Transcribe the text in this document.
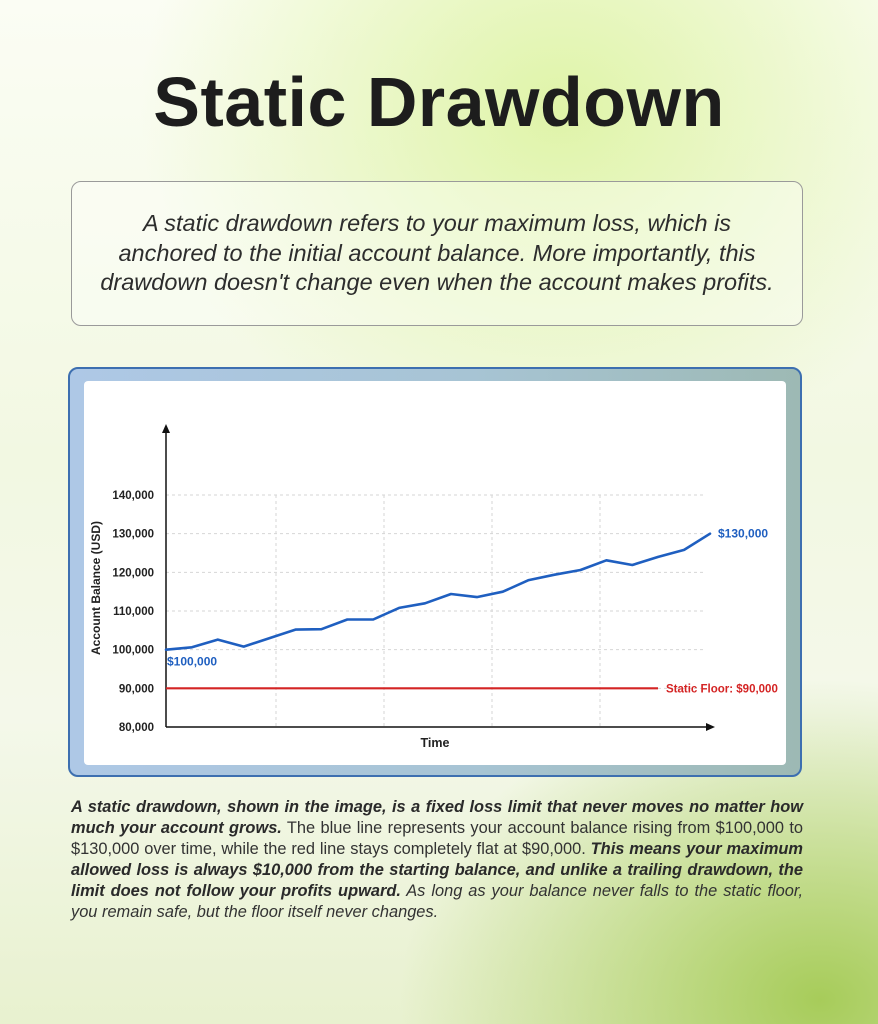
Static Drawdown

A static drawdown refers to your maximum loss, which is anchored to the initial account balance. More importantly, this drawdown doesn't change even when the account makes profits.

80,000
90,000
100,000
110,000
120,000
130,000
140,000
Time
Account Balance (USD)
$100,000
$130,000
Static Floor: $90,000

A static drawdown, shown in the image, is a fixed loss limit that never moves no matter how much your account grows. The blue line represents your account balance rising from $100,000 to $130,000 over time, while the red line stays completely flat at $90,000. This means your maximum allowed loss is always $10,000 from the starting balance, and unlike a trailing drawdown, the limit does not follow your profits upward. As long as your balance never falls to the static floor, you remain safe, but the floor itself never changes.
